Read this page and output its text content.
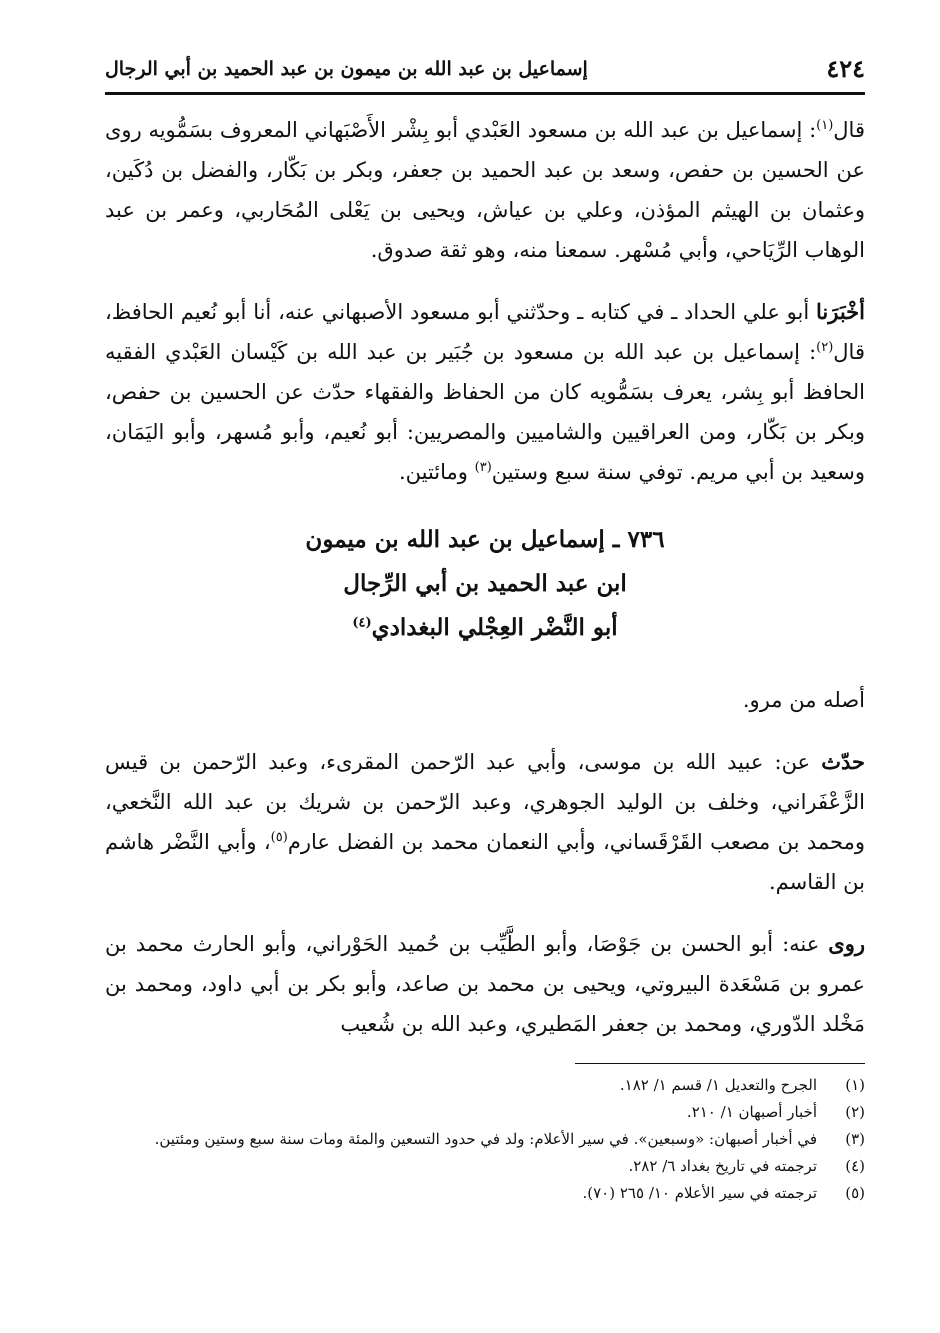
٤٢٤
إسماعيل بن عبد الله بن ميمون بن عبد الحميد بن أبي الرجال

قال$^{(١)}$: إسماعيل بن عبد الله بن مسعود العَبْدي أبو بِشْر الأَصْبَهاني المعروف بسَمُّويه روى عن الحسين بن حفص، وسعد بن عبد الحميد بن جعفر، وبكر بن بَكّار، والفضل بن دُكَين، وعثمان بن الهيثم المؤذن، وعلي بن عياش، ويحيى بن يَعْلى المُحَاربي، وعمر بن عبد الوهاب الرِّيَاحي، وأبي مُسْهر. سمعنا منه، وهو ثقة صدوق.

أخْبَرَنا أبو علي الحداد ـ في كتابه ـ وحدّثني أبو مسعود الأصبهاني عنه، أنا أبو نُعيم الحافظ، قال$^{(٢)}$: إسماعيل بن عبد الله بن مسعود بن جُبَير بن عبد الله بن كَيْسان العَبْدي الفقيه الحافظ أبو بِشر، يعرف بسَمُّويه كان من الحفاظ والفقهاء حدّث عن الحسين بن حفص، وبكر بن بَكّار، ومن العراقيين والشاميين والمصريين: أبو نُعيم، وأبو مُسهر، وأبو اليَمَان، وسعيد بن أبي مريم. توفي سنة سبع وستين$^{(٣)}$ ومائتين.

٧٣٦ ـ إسماعيل بن عبد الله بن ميمون
ابن عبد الحميد بن أبي الرِّجال
أبو النَّضْر العِجْلي البغدادي$^{(٤)}$

أصله من مرو.

حدّث عن: عبيد الله بن موسى، وأبي عبد الرّحمن المقرىء، وعبد الرّحمن بن قيس الزَّعْفَراني، وخلف بن الوليد الجوهري، وعبد الرّحمن بن شريك بن عبد الله النَّخعي، ومحمد بن مصعب القَرْقَساني، وأبي النعمان محمد بن الفضل عارم$^{(٥)}$، وأبي النَّضْر هاشم بن القاسم.

روى عنه: أبو الحسن بن جَوْصَا، وأبو الطَّيِّب بن حُميد الحَوْراني، وأبو الحارث محمد بن عمرو بن مَسْعَدة البيروتي، ويحيى بن محمد بن صاعد، وأبو بكر بن أبي داود، ومحمد بن مَخْلد الدّوري، ومحمد بن جعفر المَطيري، وعبد الله بن شُعيب

(١)
الجرح والتعديل ١/ قسم ١/ ١٨٢.
(٢)
أخبار أصبهان ١/ ٢١٠.
(٣)
في أخبار أصبهان: «وسبعين». في سير الأعلام: ولد في حدود التسعين والمئة ومات سنة سبع وستين ومئتين.
(٤)
ترجمته في تاريخ بغداد ٦/ ٢٨٢.
(٥)
ترجمته في سير الأعلام ١٠/ ٢٦٥ (٧٠).
